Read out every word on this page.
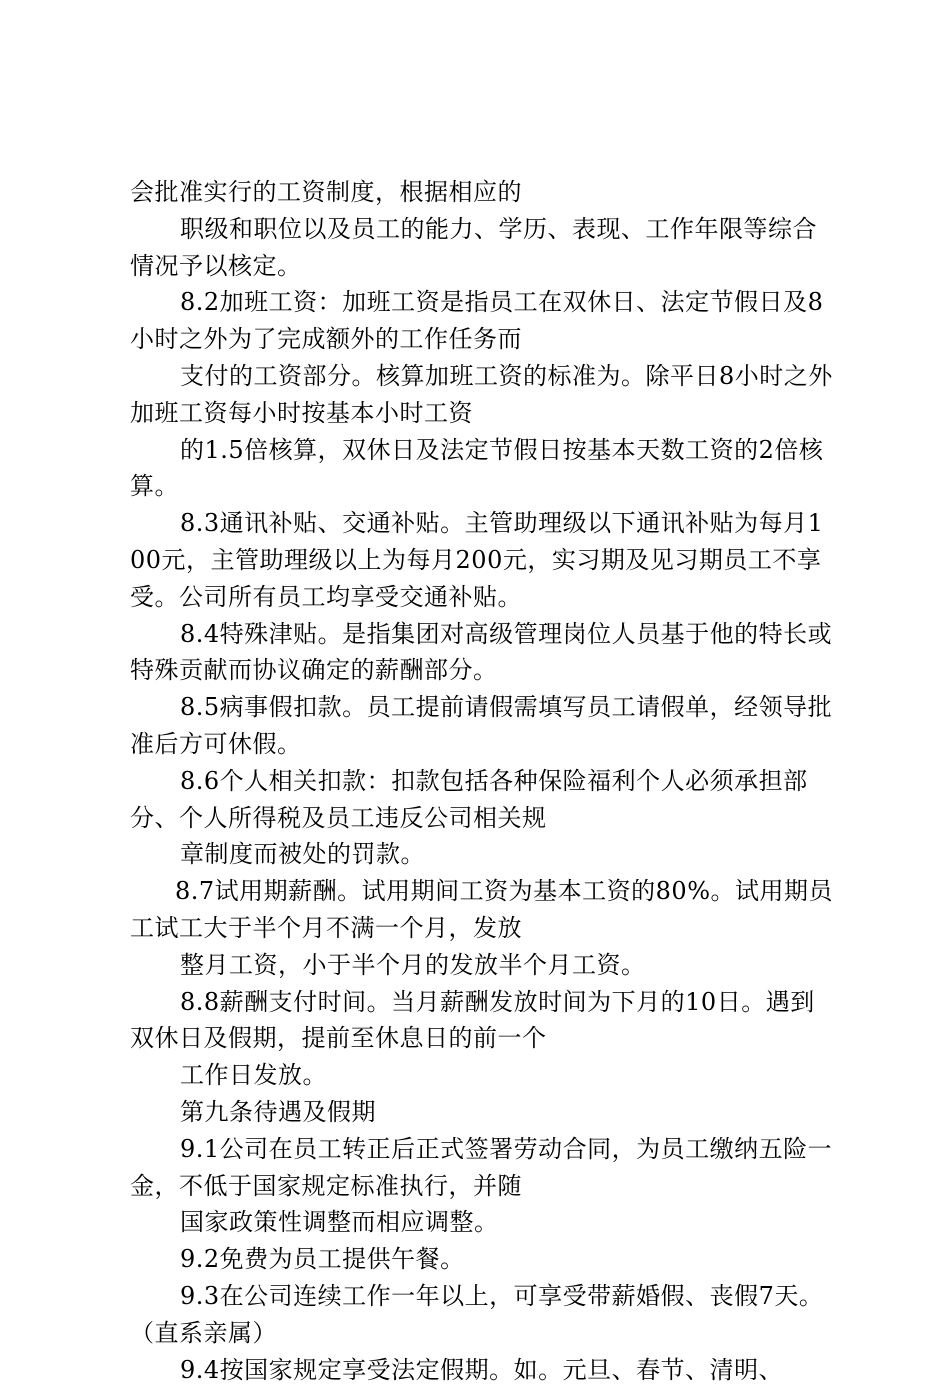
会批准实行的工资制度，根据相应的

职级和职位以及员工的能力、学历、表现、工作年限等综合情况予以核定。

8.2加班工资：加班工资是指员工在双休日、法定节假日及8小时之外为了完成额外的工作任务而

支付的工资部分。核算加班工资的标准为。除平日8小时之外加班工资每小时按基本小时工资

的1.5倍核算，双休日及法定节假日按基本天数工资的2倍核算。

8.3通讯补贴、交通补贴。主管助理级以下通讯补贴为每月100元，主管助理级以上为每月200元，实习期及见习期员工不享受。公司所有员工均享受交通补贴。

8.4特殊津贴。是指集团对高级管理岗位人员基于他的特长或特殊贡献而协议确定的薪酬部分。

8.5病事假扣款。员工提前请假需填写员工请假单，经领导批准后方可休假。

8.6个人相关扣款：扣款包括各种保险福利个人必须承担部分、个人所得税及员工违反公司相关规

章制度而被处的罚款。

8.7试用期薪酬。试用期间工资为基本工资的80%。试用期员工试工大于半个月不满一个月，发放

整月工资，小于半个月的发放半个月工资。

8.8薪酬支付时间。当月薪酬发放时间为下月的10日。遇到双休日及假期，提前至休息日的前一个

工作日发放。

第九条待遇及假期

9.1公司在员工转正后正式签署劳动合同，为员工缴纳五险一金，不低于国家规定标准执行，并随

国家政策性调整而相应调整。

9.2免费为员工提供午餐。

9.3在公司连续工作一年以上，可享受带薪婚假、丧假7天。（直系亲属）

9.4按国家规定享受法定假期。如。元旦、春节、清明、
